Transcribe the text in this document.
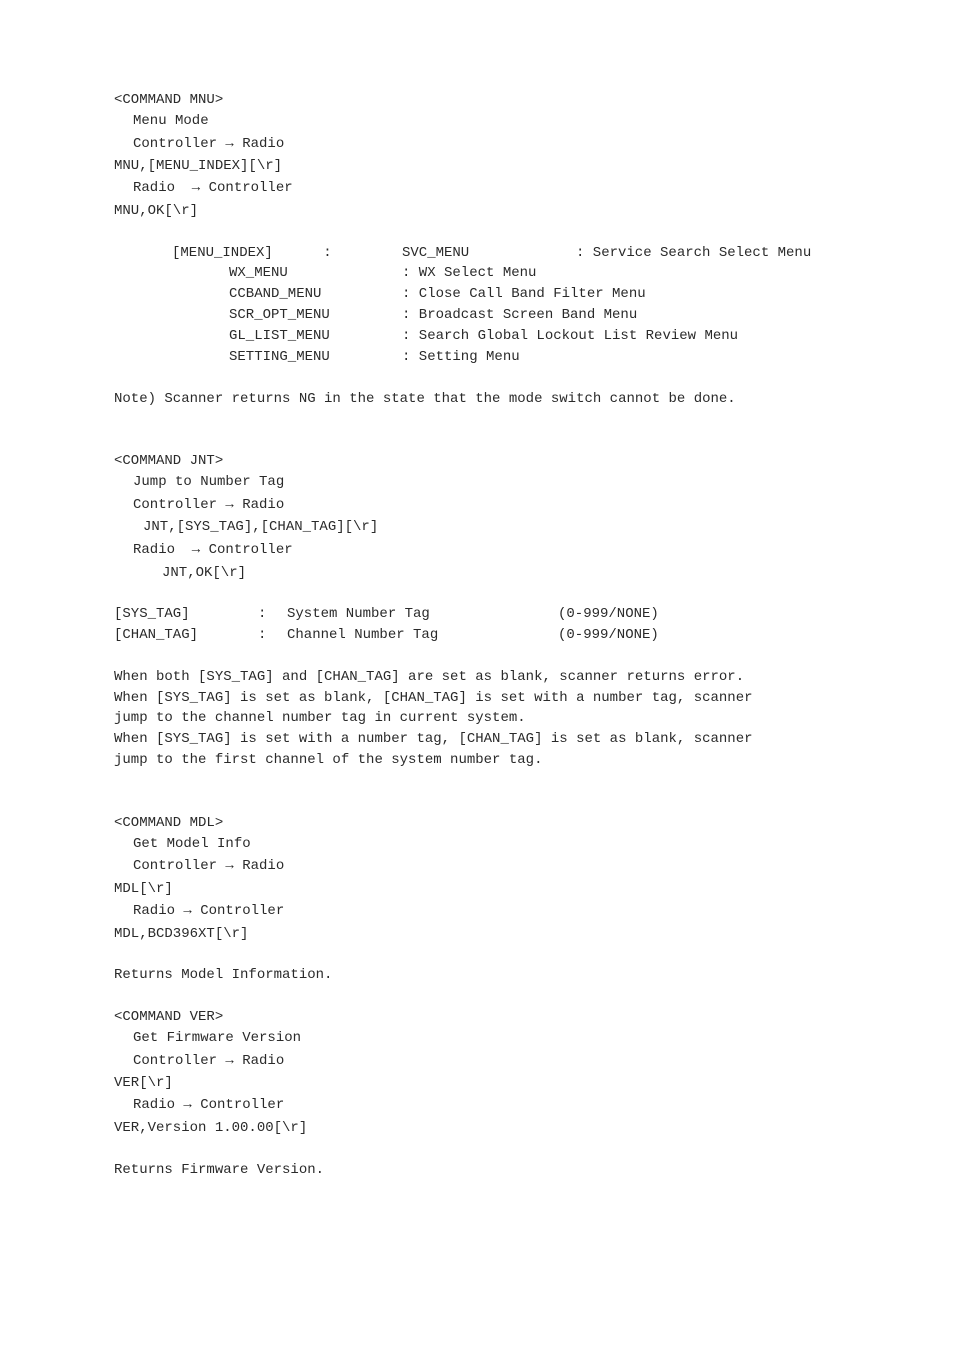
<COMMAND MNU>

Menu Mode

Controller → Radio

MNU,[MENU_INDEX][\r]

Radio  → Controller

MNU,OK[\r]

[MENU_INDEX]      :	SVC_MENU	: Service Search Select Menu

WX_MENU	: WX Select Menu

CCBAND_MENU	: Close Call Band Filter Menu

SCR_OPT_MENU	: Broadcast Screen Band Menu

GL_LIST_MENU	: Search Global Lockout List Review Menu

SETTING_MENU	: Setting Menu

Note) Scanner returns NG in the state that the mode switch cannot be done.

<COMMAND JNT>

Jump to Number Tag

Controller → Radio

JNT,[SYS_TAG],[CHAN_TAG][\r]

Radio  → Controller

JNT,OK[\r]

[SYS_TAG]	: System Number Tag	(0-999/NONE)

[CHAN_TAG]	: Channel Number Tag	(0-999/NONE)

When both [SYS_TAG] and [CHAN_TAG] are set as blank, scanner returns error.

When [SYS_TAG] is set as blank, [CHAN_TAG] is set with a number tag, scanner

jump to the channel number tag in current system.

When [SYS_TAG] is set with a number tag, [CHAN_TAG] is set as blank, scanner

jump to the first channel of the system number tag.

<COMMAND MDL>

Get Model Info

Controller → Radio

MDL[\r]

Radio → Controller

MDL,BCD396XT[\r]

Returns Model Information.

<COMMAND VER>

Get Firmware Version

Controller → Radio

VER[\r]

Radio → Controller

VER,Version 1.00.00[\r]

Returns Firmware Version.
